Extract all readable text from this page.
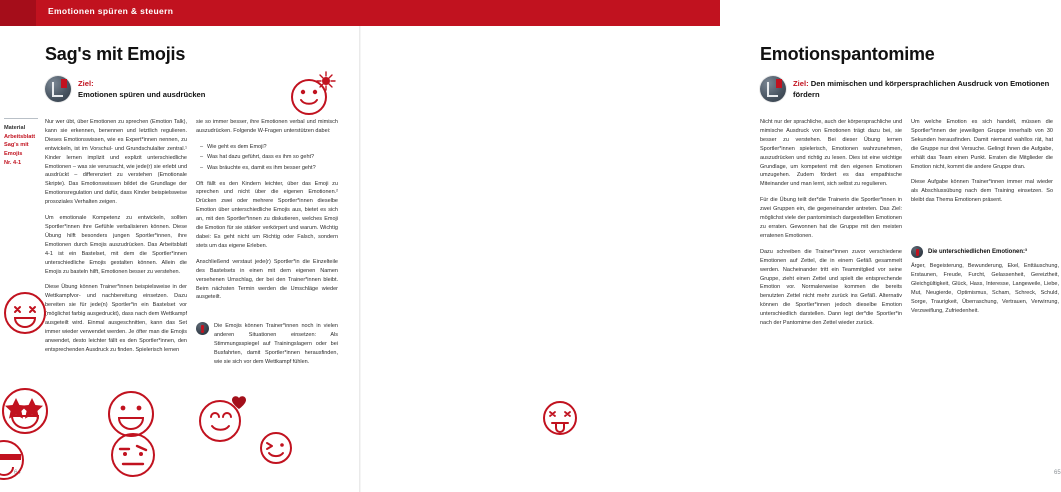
Emotionen spüren & steuern
Sag's mit Emojis
Ziel:
Emotionen spüren und ausdrücken
Material
Arbeitsblatt
Sag's mit
Emojis
Nr. 4-1

Nur wer übt, über Emotionen zu sprechen (Emotion Talk), kann sie erkennen, benennen und letztlich regulieren. Dieses Emotionswissen, wie es Expert*innen nennen, zu entwickeln, ist im Vorschul- und Grundschulalter zentral.¹ Kinder lernen implizit und explizit unterschiedliche Emotionen – was sie verursacht, wie jede(r) sie erlebt und ausdrückt – differenziert zu verstehen (Emotionale Skripte). Das Emotionswissen bildet die Grundlage der Emotionsregulation und dafür, dass Kinder beispielsweise prosoziales Verhalten zeigen.

Um emotionale Kompetenz zu entwickeln, sollten Sportler*innen ihre Gefühle verbalisieren können. Diese Übung hilft besonders jungen Sportler*innen, ihre Emotionen durch Emojis auszudrücken. Das Arbeitsblatt 4-1 ist ein Bastelset, mit dem die Sportler*innen unterschiedliche Emojis gestalten können. Allein die Emojis zu basteln hilft, Emotionen besser zu verstehen.

Diese Übung können Trainer*innen beispielsweise in der Wettkampfvor- und nachbereitung einsetzen. Dazu bereiten sie für jede(n) Sportler*in ein Bastelset vor (möglichst farbig ausgedruckt), dass nach dem Wettkampf ausgeteilt wird. Einmal ausgeschnitten, kann das Set immer wieder verwendet werden. Je öfter man die Emojis anwendet, desto leichter fällt es den Sportler*innen, den entsprechenden Ausdruck zu finden. Spielerisch lernen

sie so immer besser, ihre Emotionen verbal und mimisch auszudrücken. Folgende W-Fragen unterstützen dabei:

– Wie geht es dem Emoji?
– Was hat dazu geführt, dass es ihm so geht?
– Was bräuchte es, damit es ihm besser geht?

Oft fällt es den Kindern leichter, über das Emoji zu sprechen und nicht über die eigenen Emotionen.² Drücken zwei oder mehrere Sportler*innen dieselbe Emotion über unterschiedliche Emojis aus, bietet es sich an, mit den Sportler*innen zu diskutieren, welches Emoji die Emotion für sie stärker verkörpert und warum. Wichtig dabei: Es geht nicht um Richtig oder Falsch, sondern stets um das eigene Erleben.

Anschließend verstaut jede(r) Sportler*in die Einzelteile des Bastelsets in einen mit dem eigenen Namen versehenen Umschlag, der bei den Trainer*innen bleibt. Beim nächsten Termin werden die Umschläge wieder ausgeteilt.

Die Emojis können Trainer*innen noch in vielen anderen Situationen einsetzen: Als Stimmungsspiegel auf Trainingslagern oder bei Busfahrten, damit Sportler*innen herausfinden, wie sie sich vor dem Wettkampf fühlen.
64
Emotionspantomime
Ziel: Den mimischen und körpersprachlichen Ausdruck von Emotionen fördern

Nicht nur der sprachliche, auch der körpersprachliche und mimische Ausdruck von Emotionen trägt dazu bei, sie besser zu verstehen. Bei dieser Übung lernen Sportler*innen spielerisch, Emotionen wahrzunehmen, auszudrücken und richtig zu lesen. Dies ist eine wichtige Grundlage, um kompetent mit den eigenen Emotionen umzugehen. Zudem fördert es das empathische Miteinander und man lernt, sich selbst zu regulieren.

Für die Übung teilt der*die Trainerin die Sportler*innen in zwei Gruppen ein, die gegeneinander antreten. Das Ziel: möglichst viele der pantomimisch dargestellten Emotionen zu erraten. Gewonnen hat die Gruppe mit den meisten erratenen Emotionen.

Dazu schreiben die Trainer*innen zuvor verschiedene Emotionen auf Zettel, die in einem Gefäß gesammelt werden. Nacheinander tritt ein Teammitglied vor seine Gruppe, zieht einen Zettel und spielt die entsprechende Emotion vor. Normalerweise kommen die bereits benutzten Zettel nicht mehr zurück ins Gefäß. Alternativ können die Sportler*innen jedoch dieselbe Emotion unterschiedlich darstellen. Dann legt der*die Sportler*in nach der Pantomime den Zettel wieder zurück.

Um welche Emotion es sich handelt, müssen die Sportler*innen der jeweiligen Gruppe innerhalb von 30 Sekunden herausfinden. Damit niemand wahllos rät, hat die Gruppe nur drei Versuche. Gelingt ihnen die Aufgabe, erhält das Team einen Punkt. Erraten die Mitglieder die Emotion nicht, kommt die andere Gruppe dran.

Diese Aufgabe können Trainer*innen immer mal wieder als Abschlussübung nach dem Training einsetzen. So bleibt das Thema Emotionen präsent.

Die unterschiedlichen Emotionen:³
Ärger, Begeisterung, Bewunderung, Ekel, Enttäuschung, Erstaunen, Freude, Furcht, Gelassenheit, Gereiztheit, Gleichgültigkeit, Glück, Hass, Interesse, Langeweile, Liebe, Mut, Neugierde, Optimismus, Scham, Schreck, Schuld, Sorge, Traurigkeit, Überraschung, Vertrauen, Verwirrung, Verzweiflung, Zufriedenheit.
65
